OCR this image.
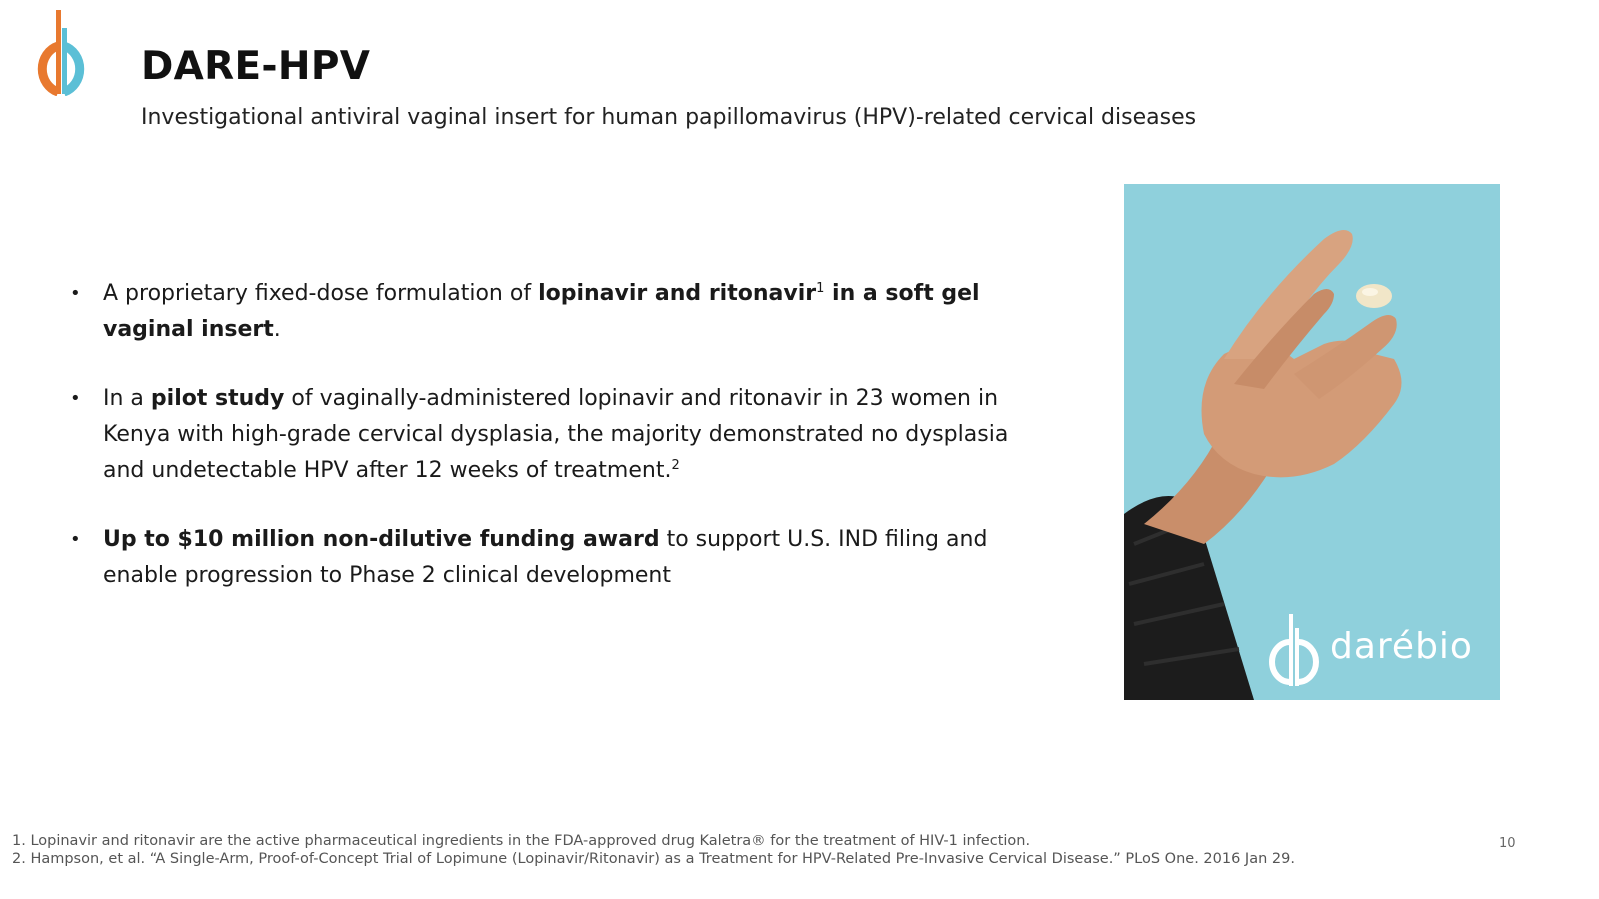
DARE-HPV

Investigational antiviral vaginal insert for human papillomavirus (HPV)-related cervical diseases

• A proprietary fixed-dose formulation of lopinavir and ritonavir$^1$ in a soft gel vaginal insert.
• In a pilot study of vaginally-administered lopinavir and ritonavir in 23 women in Kenya with high-grade cervical dysplasia, the majority demonstrated no dysplasia and undetectable HPV after 12 weeks of treatment.$^2$
• Up to $10 million non-dilutive funding award to support U.S. IND filing and enable progression to Phase 2 clinical development
darébio
1. Lopinavir and ritonavir are the active pharmaceutical ingredients in the FDA-approved drug Kaletra® for the treatment of HIV-1 infection.
2. Hampson, et al. “A Single-Arm, Proof-of-Concept Trial of Lopimune (Lopinavir/Ritonavir) as a Treatment for HPV-Related Pre-Invasive Cervical Disease.” PLoS One. 2016 Jan 29.
10
